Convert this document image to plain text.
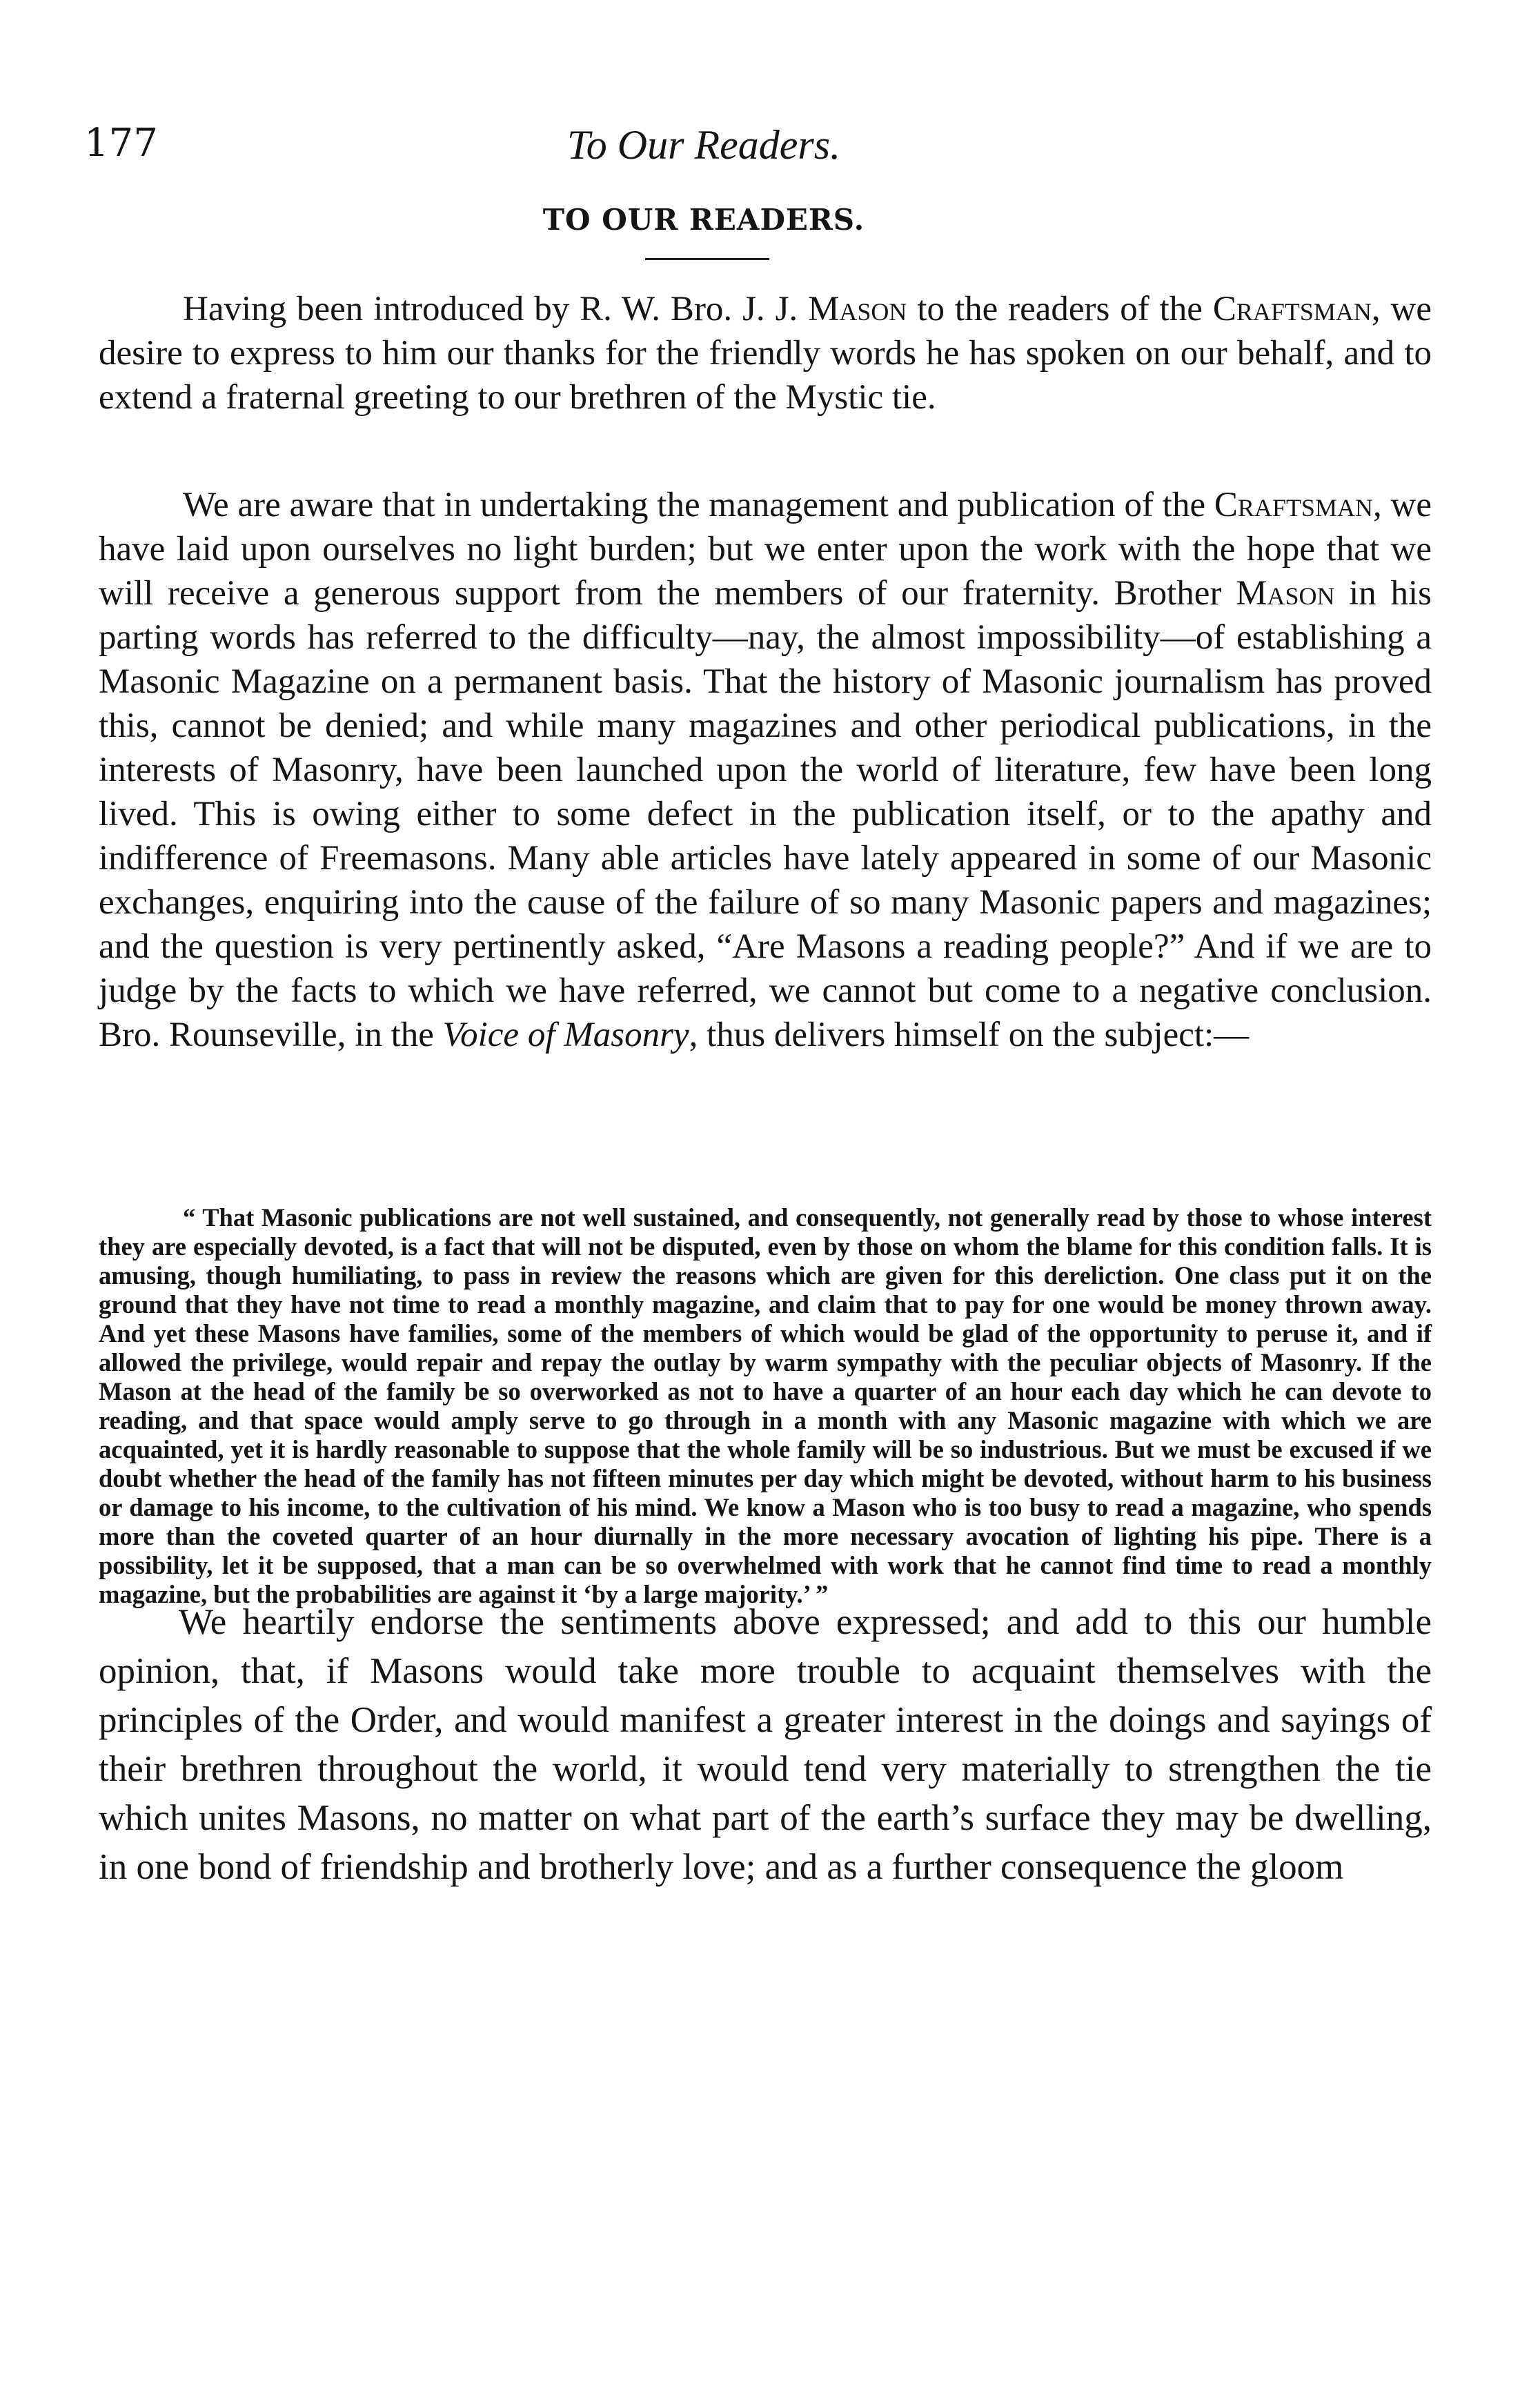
177	To Our Readers.
TO OUR READERS.

Having been introduced by R. W. Bro. J. J. Mason to the readers of the Craftsman, we desire to express to him our thanks for the friendly words he has spoken on our behalf, and to extend a fraternal greeting to our brethren of the Mystic tie.

We are aware that in undertaking the management and publication of the Craftsman, we have laid upon ourselves no light burden; but we enter upon the work with the hope that we will receive a generous support from the members of our fraternity. Brother Mason in his parting words has referred to the difficulty—nay, the almost impossibility—of establishing a Masonic Magazine on a permanent basis. That the history of Masonic journalism has proved this, cannot be denied; and while many magazines and other periodical publications, in the interests of Masonry, have been launched upon the world of literature, few have been long lived. This is owing either to some defect in the publication itself, or to the apathy and indifference of Freemasons. Many able articles have lately appeared in some of our Masonic exchanges, enquiring into the cause of the failure of so many Masonic papers and magazines; and the question is very pertinently asked, “Are Masons a reading people?” And if we are to judge by the facts to which we have referred, we cannot but come to a negative conclusion. Bro. Rounseville, in the Voice of Masonry, thus delivers himself on the subject:—

“ That Masonic publications are not well sustained, and consequently, not generally read by those to whose interest they are especially devoted, is a fact that will not be disputed, even by those on whom the blame for this condition falls. It is amusing, though humiliating, to pass in review the reasons which are given for this dereliction. One class put it on the ground that they have not time to read a monthly magazine, and claim that to pay for one would be money thrown away. And yet these Masons have families, some of the members of which would be glad of the opportunity to peruse it, and if allowed the privilege, would repair and repay the outlay by warm sympathy with the peculiar objects of Masonry. If the Mason at the head of the family be so overworked as not to have a quarter of an hour each day which he can devote to reading, and that space would amply serve to go through in a month with any Masonic magazine with which we are acquainted, yet it is hardly reasonable to suppose that the whole family will be so industrious. But we must be excused if we doubt whether the head of the family has not fifteen minutes per day which might be devoted, without harm to his business or damage to his income, to the cultivation of his mind. We know a Mason who is too busy to read a magazine, who spends more than the coveted quarter of an hour diurnally in the more necessary avocation of lighting his pipe. There is a possibility, let it be supposed, that a man can be so overwhelmed with work that he cannot find time to read a monthly magazine, but the probabilities are against it ‘by a large majority.’ ”

We heartily endorse the sentiments above expressed; and add to this our humble opinion, that, if Masons would take more trouble to acquaint themselves with the principles of the Order, and would manifest a greater interest in the doings and sayings of their brethren throughout the world, it would tend very materially to strengthen the tie which unites Masons, no matter on what part of the earth’s surface they may be dwelling, in one bond of friendship and brotherly love; and as a further consequence the gloom
